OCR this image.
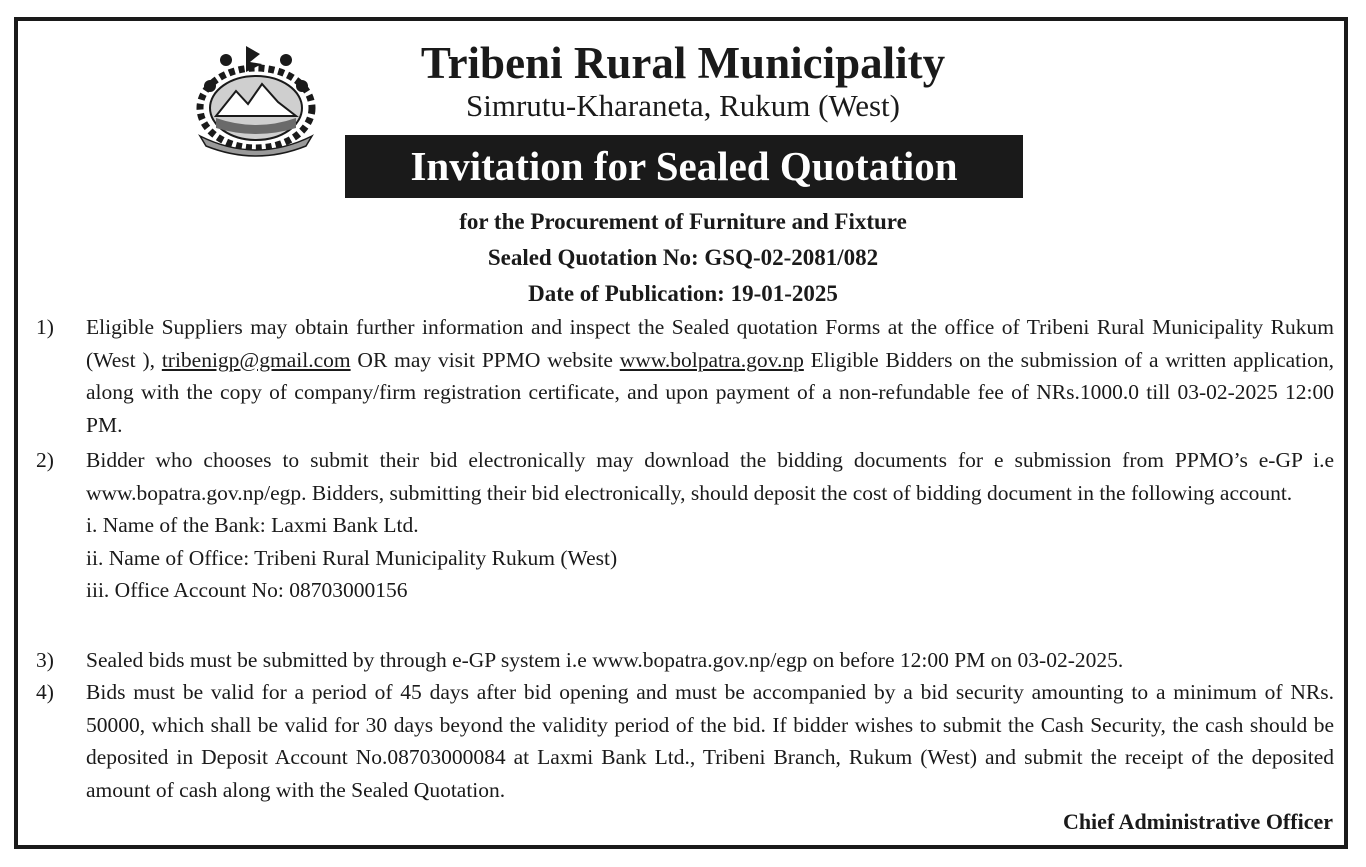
Tribeni Rural Municipality
Simrutu-Kharaneta, Rukum (West)
Invitation for Sealed Quotation
for the Procurement of Furniture and Fixture
Sealed Quotation No: GSQ-02-2081/082
Date of Publication: 19-01-2025
1)	Eligible Suppliers may obtain further information and inspect the Sealed quotation Forms at the office of Tribeni Rural Municipality Rukum (West ), tribenigp@gmail.com OR may visit PPMO website www.bolpatra.gov.np Eligible Bidders on the submission of a written application, along with the copy of company/firm registration certificate, and upon payment of a non-refundable fee of NRs.1000.0 till 03-02-2025 12:00 PM.
2)	Bidder who chooses to submit their bid electronically may download the bidding documents for e submission from PPMO’s e-GP i.e www.bopatra.gov.np/egp. Bidders, submitting their bid electronically, should deposit the cost of bidding document in the following account.
i. Name of the Bank: Laxmi Bank Ltd.
ii. Name of Office: Tribeni Rural Municipality Rukum (West)
iii. Office Account No: 08703000156
3)	Sealed bids must be submitted by through e-GP system i.e www.bopatra.gov.np/egp on before 12:00 PM on 03-02-2025.
4)	Bids must be valid for a period of 45 days after bid opening and must be accompanied by a bid security amounting to a minimum of NRs. 50000, which shall be valid for 30 days beyond the validity period of the bid. If bidder wishes to submit the Cash Security, the cash should be deposited in Deposit Account No.08703000084 at Laxmi Bank Ltd., Tribeni Branch, Rukum (West) and submit the receipt of the deposited amount of cash along with the Sealed Quotation.
Chief Administrative Officer
